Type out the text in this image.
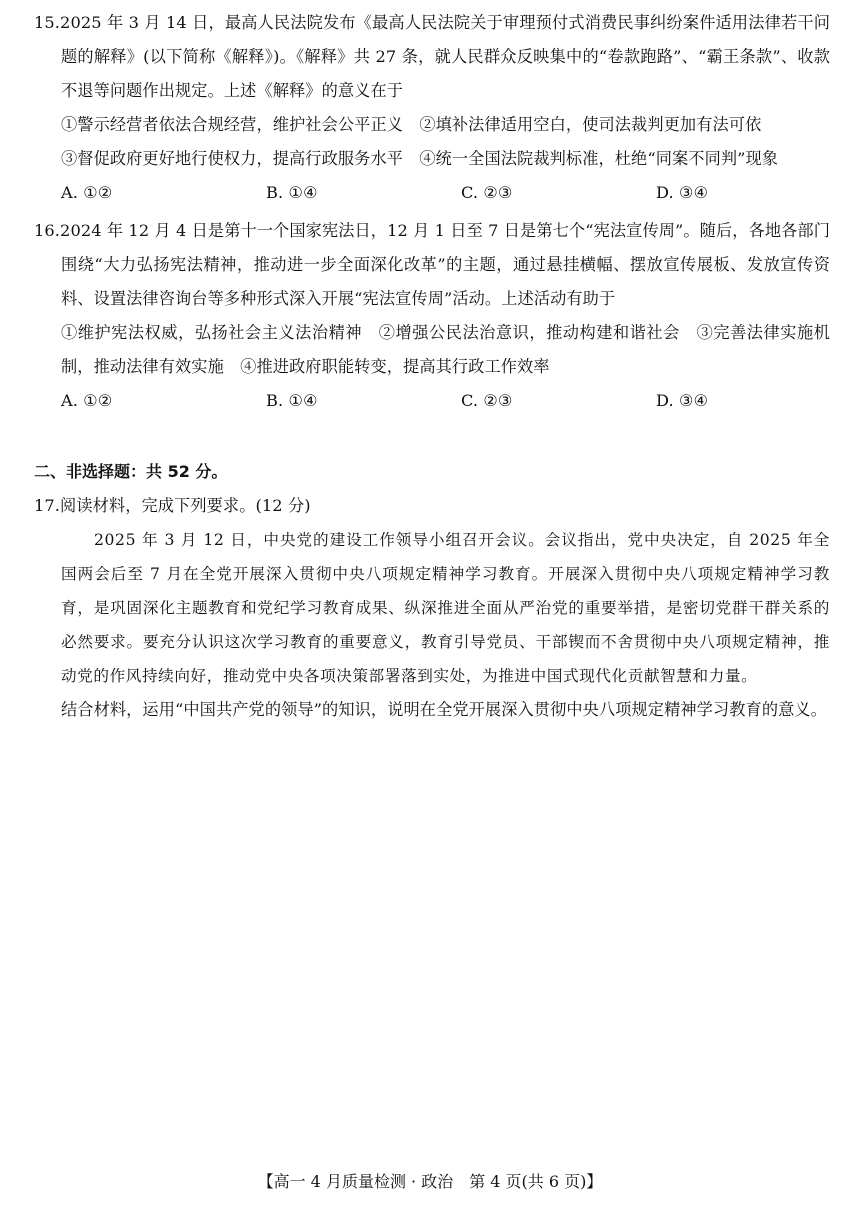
15.2025 年 3 月 14 日，最高人民法院发布《最高人民法院关于审理预付式消费民事纠纷案件适用法律若干问题的解释》(以下简称《解释》)。《解释》共 27 条，就人民群众反映集中的“卷款跑路”、“霸王条款”、收款不退等问题作出规定。上述《解释》的意义在于

①警示经营者依法合规经营，维护社会公平正义　②填补法律适用空白，使司法裁判更加有法可依

③督促政府更好地行使权力，提高行政服务水平　④统一全国法院裁判标准，杜绝“同案不同判”现象

A. ①②	B. ①④	C. ②③	D. ③④

16.2024 年 12 月 4 日是第十一个国家宪法日，12 月 1 日至 7 日是第七个“宪法宣传周”。随后，各地各部门围绕“大力弘扬宪法精神，推动进一步全面深化改革”的主题，通过悬挂横幅、摆放宣传展板、发放宣传资料、设置法律咨询台等多种形式深入开展“宪法宣传周”活动。上述活动有助于

①维护宪法权威，弘扬社会主义法治精神　②增强公民法治意识，推动构建和谐社会　③完善法律实施机制，推动法律有效实施　④推进政府职能转变，提高其行政工作效率

A. ①②	B. ①④	C. ②③	D. ③④
二、非选择题：共 52 分。

17.阅读材料，完成下列要求。(12 分)

2025 年 3 月 12 日，中央党的建设工作领导小组召开会议。会议指出，党中央决定，自 2025 年全国两会后至 7 月在全党开展深入贯彻中央八项规定精神学习教育。开展深入贯彻中央八项规定精神学习教育，是巩固深化主题教育和党纪学习教育成果、纵深推进全面从严治党的重要举措，是密切党群干群关系的必然要求。要充分认识这次学习教育的重要意义，教育引导党员、干部锲而不舍贯彻中央八项规定精神，推动党的作风持续向好，推动党中央各项决策部署落到实处，为推进中国式现代化贡献智慧和力量。

结合材料，运用“中国共产党的领导”的知识，说明在全党开展深入贯彻中央八项规定精神学习教育的意义。

【高一 4 月质量检测 · 政治　第 4 页(共 6 页)】
